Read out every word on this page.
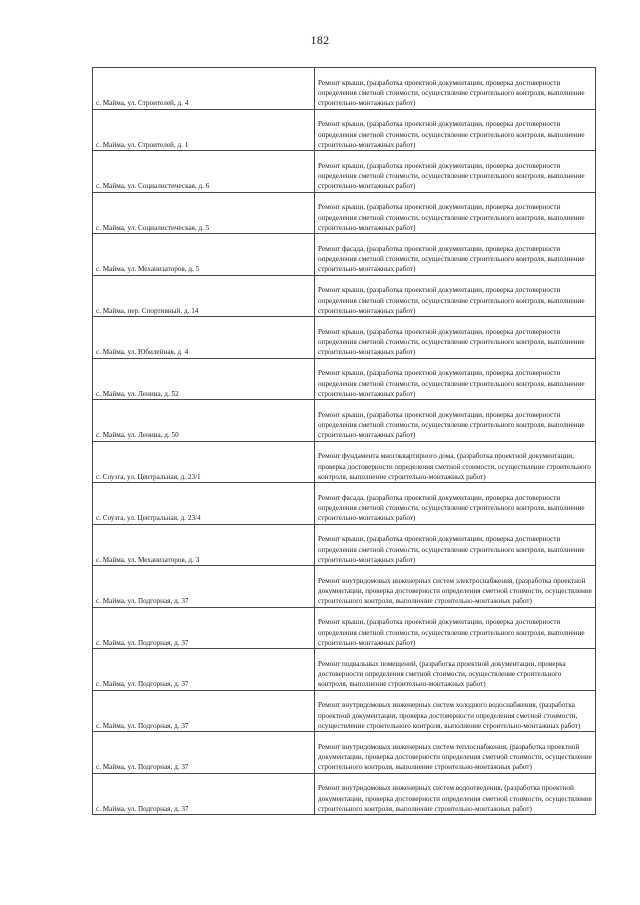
182
с. Майма, ул. Строителей, д. 4	Ремонт крыши, (разработка проектной документации, проверка достоверности определения сметной стоимости, осуществление строительного контроля, выполнение строительно-монтажных работ)
с. Майма, ул. Строителей, д. 1	Ремонт крыши, (разработка проектной документации, проверка достоверности определения сметной стоимости, осуществление строительного контроля, выполнение строительно-монтажных работ)
с. Майма, ул. Социалистическая, д. 6	Ремонт крыши, (разработка проектной документации, проверка достоверности определения сметной стоимости, осуществление строительного контроля, выполнение строительно-монтажных работ)
с. Майма, ул. Социалистическая, д. 5	Ремонт крыши, (разработка проектной документации, проверка достоверности определения сметной стоимости, осуществление строительного контроля, выполнение строительно-монтажных работ)
с. Майма, ул. Механизаторов, д. 5	Ремонт фасада, (разработка проектной документации, проверка достоверности определения сметной стоимости, осуществление строительного контроля, выполнение строительно-монтажных работ)
с. Майма, пер. Спортивный, д. 14	Ремонт крыши, (разработка проектной документации, проверка достоверности определения сметной стоимости, осуществление строительного контроля, выполнение строительно-монтажных работ)
с. Майма, ул. Юбилейная, д. 4	Ремонт крыши, (разработка проектной документации, проверка достоверности определения сметной стоимости, осуществление строительного контроля, выполнение строительно-монтажных работ)
с. Майма, ул. Ленина, д. 52	Ремонт крыши, (разработка проектной документации, проверка достоверности определения сметной стоимости, осуществление строительного контроля, выполнение строительно-монтажных работ)
с. Майма, ул. Ленина, д. 50	Ремонт крыши, (разработка проектной документации, проверка достоверности определения сметной стоимости, осуществление строительного контроля, выполнение строительно-монтажных работ)
с. Соузга, ул. Центральная, д. 23/1	Ремонт фундамента многоквартирного дома, (разработка проектной документации, проверка достоверности определения сметной стоимости, осуществление строительного контроля, выполнение строительно-монтажных работ)
с. Соузга, ул. Центральная, д. 23/4	Ремонт фасада, (разработка проектной документации, проверка достоверности определения сметной стоимости, осуществление строительного контроля, выполнение строительно-монтажных работ)
с. Майма, ул. Механизаторов, д. 3	Ремонт крыши, (разработка проектной документации, проверка достоверности определения сметной стоимости, осуществление строительного контроля, выполнение строительно-монтажных работ)
с. Майма, ул. Подгорная, д. 37	Ремонт внутридомовых инженерных систем электроснабжения, (разработка проектной документации, проверка достоверности определения сметной стоимости, осуществление строительного контроля, выполнение строительно-монтажных работ)
с. Майма, ул. Подгорная, д. 37	Ремонт крыши, (разработка проектной документации, проверка достоверности определения сметной стоимости, осуществление строительного контроля, выполнение строительно-монтажных работ)
с. Майма, ул. Подгорная, д. 37	Ремонт подвальных помещений, (разработка проектной документации, проверка достоверности определения сметной стоимости, осуществление строительного контроля, выполнение строительно-монтажных работ)
с. Майма, ул. Подгорная, д. 37	Ремонт внутридомовых инженерных систем холодного водоснабжения, (разработка проектной документации, проверка достоверности определения сметной стоимости, осуществление строительного контроля, выполнение строительно-монтажных работ)
с. Майма, ул. Подгорная, д. 37	Ремонт внутридомовых инженерных систем теплоснабжения, (разработка проектной документации, проверка достоверности определения сметной стоимости, осуществление строительного контроля, выполнение строительно-монтажных работ)
с. Майма, ул. Подгорная, д. 37	Ремонт внутридомовых инженерных систем водоотведения, (разработка проектной документации, проверка достоверности определения сметной стоимости, осуществление строительного контроля, выполнение строительно-монтажных работ)
